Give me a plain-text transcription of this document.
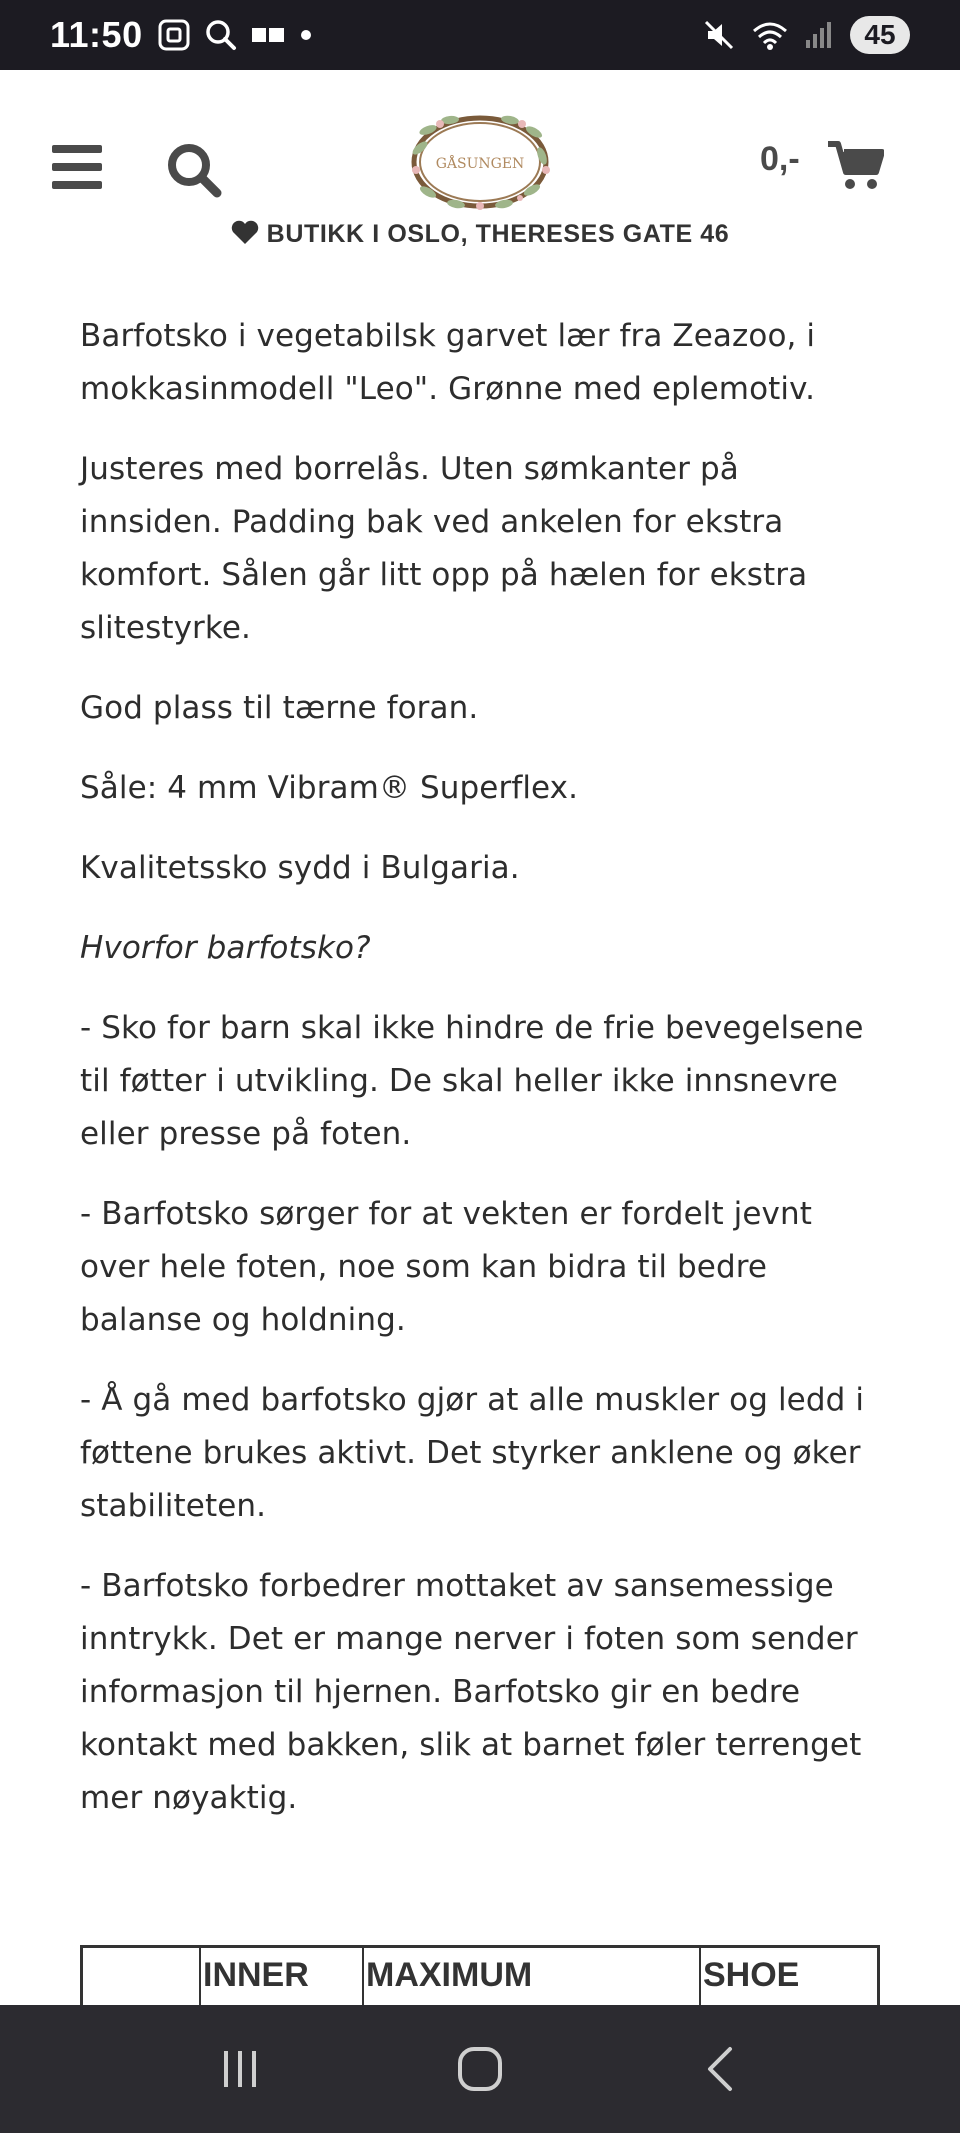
11:50	45
GÅSUNGEN	0,-
BUTIKK I OSLO, THERESES GATE 46

Barfotsko i vegetabilsk garvet lær fra Zeazoo, i mokkasinmodell "Leo". Grønne med eplemotiv.

Justeres med borrelås. Uten sømkanter på innsiden. Padding bak ved ankelen for ekstra komfort. Sålen går litt opp på hælen for ekstra slitestyrke.

God plass til tærne foran.

Såle: 4 mm Vibram® Superflex.

Kvalitetssko sydd i Bulgaria.

Hvorfor barfotsko?

- Sko for barn skal ikke hindre de frie bevegelsene til føtter i utvikling. De skal heller ikke innsnevre eller presse på foten.

- Barfotsko sørger for at vekten er fordelt jevnt over hele foten, noe som kan bidra til bedre balanse og holdning.

- Å gå med barfotsko gjør at alle muskler og ledd i føttene brukes aktivt. Det styrker anklene og øker stabiliteten.

- Barfotsko forbedrer mottaket av sansemessige inntrykk. Det er mange nerver i foten som sender informasjon til hjernen. Barfotsko gir en bedre kontakt med bakken, slik at barnet føler terrenget mer nøyaktig.

INNER	MAXIMUM	SHOE
